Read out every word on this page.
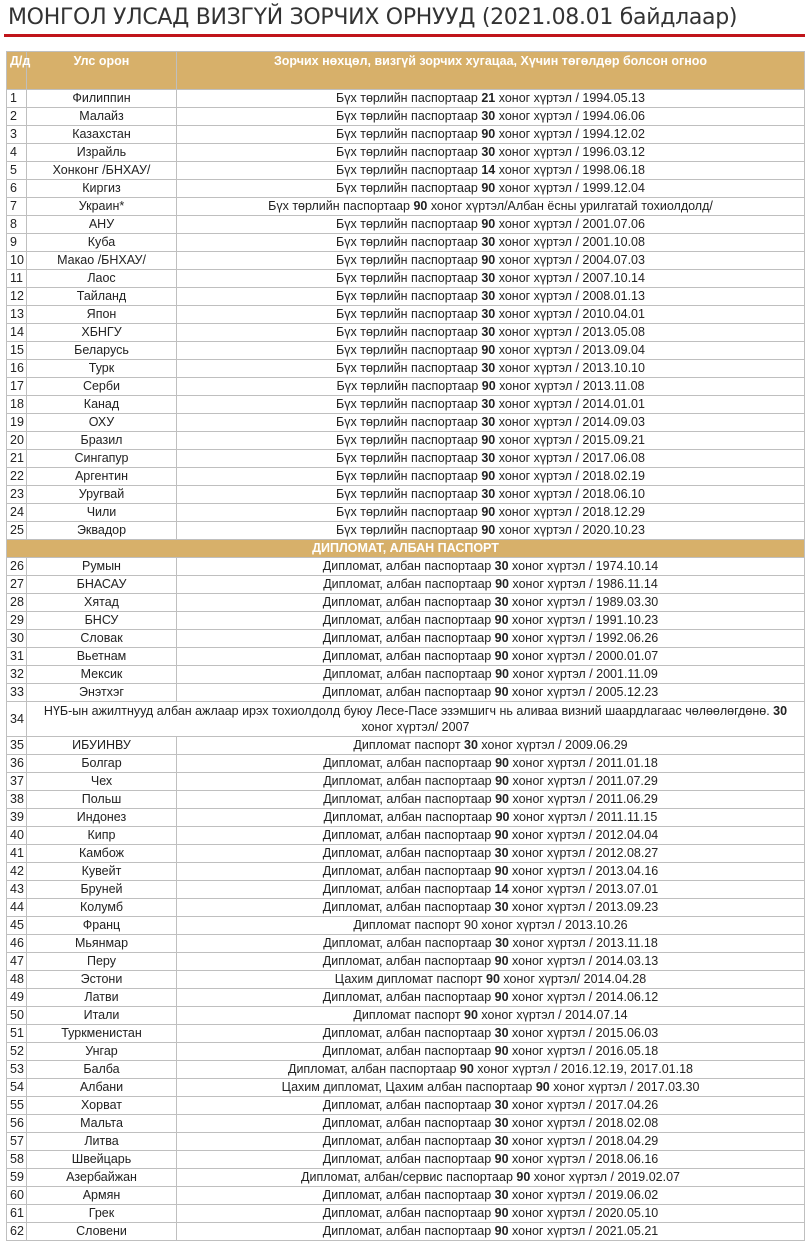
МОНГОЛ УЛСАД ВИЗГҮЙ ЗОРЧИХ ОРНУУД (2021.08.01 байдлаар)
Д/д	Улс орон	Зорчих нөхцөл, визгүй зорчих хугацаа, Хүчин төгөлдөр болсон огноо
1	Филиппин	Бүх төрлийн паспортаар 21 хоног хүртэл / 1994.05.13
2	Малайз	Бүх төрлийн паспортаар 30 хоног хүртэл / 1994.06.06
3	Казахстан	Бүх төрлийн паспортаар 90 хоног хүртэл / 1994.12.02
4	Израйль	Бүх төрлийн паспортаар 30 хоног хүртэл / 1996.03.12
5	Хонконг /БНХАУ/	Бүх төрлийн паспортаар 14 хоног хүртэл / 1998.06.18
6	Киргиз	Бүх төрлийн паспортаар 90 хоног хүртэл / 1999.12.04
7	Украин*	Бүх төрлийн паспортаар 90 хоног хүртэл/Албан ёсны урилгатай тохиолдолд/
8	АНУ	Бүх төрлийн паспортаар 90 хоног хүртэл / 2001.07.06
9	Куба	Бүх төрлийн паспортаар 30 хоног хүртэл / 2001.10.08
10	Макао /БНХАУ/	Бүх төрлийн паспортаар 90 хоног хүртэл / 2004.07.03
11	Лаос	Бүх төрлийн паспортаар 30 хоног хүртэл / 2007.10.14
12	Тайланд	Бүх төрлийн паспортаар 30 хоног хүртэл / 2008.01.13
13	Япон	Бүх төрлийн паспортаар 30 хоног хүртэл / 2010.04.01
14	ХБНГУ	Бүх төрлийн паспортаар 30 хоног хүртэл / 2013.05.08
15	Беларусь	Бүх төрлийн паспортаар 90 хоног хүртэл / 2013.09.04
16	Турк	Бүх төрлийн паспортаар 30 хоног хүртэл / 2013.10.10
17	Серби	Бүх төрлийн паспортаар 90 хоног хүртэл / 2013.11.08
18	Канад	Бүх төрлийн паспортаар 30 хоног хүртэл / 2014.01.01
19	ОХУ	Бүх төрлийн паспортаар 30 хоног хүртэл / 2014.09.03
20	Бразил	Бүх төрлийн паспортаар 90 хоног хүртэл / 2015.09.21
21	Сингапур	Бүх төрлийн паспортаар 30 хоног хүртэл / 2017.06.08
22	Аргентин	Бүх төрлийн паспортаар 90 хоног хүртэл / 2018.02.19
23	Уругвай	Бүх төрлийн паспортаар 30 хоног хүртэл / 2018.06.10
24	Чили	Бүх төрлийн паспортаар 90 хоног хүртэл / 2018.12.29
25	Эквадор	Бүх төрлийн паспортаар 90 хоног хүртэл / 2020.10.23
ДИПЛОМАТ, АЛБАН ПАСПОРТ		
26	Румын	Дипломат, албан паспортаар 30 хоног хүртэл / 1974.10.14
27	БНАСАУ	Дипломат, албан паспортаар 90 хоног хүртэл / 1986.11.14
28	Хятад	Дипломат, албан паспортаар 30 хоног хүртэл / 1989.03.30
29	БНСУ	Дипломат, албан паспортаар 90 хоног хүртэл / 1991.10.23
30	Словак	Дипломат, албан паспортаар 90 хоног хүртэл / 1992.06.26
31	Вьетнам	Дипломат, албан паспортаар 90 хоног хүртэл / 2000.01.07
32	Мексик	Дипломат, албан паспортаар 90 хоног хүртэл / 2001.11.09
33	Энэтхэг	Дипломат, албан паспортаар 90 хоног хүртэл / 2005.12.23
34	НҮБ-ын ажилтнууд албан ажлаар ирэх тохиолдолд буюу Лесе-Пасе эзэмшигч нь аливаа визний шаардлагаас чөлөөлөгдөнө. 30 хоног хүртэл/ 2007	
35	ИБУИНВУ	Дипломат паспорт 30 хоног хүртэл / 2009.06.29
36	Болгар	Дипломат, албан паспортаар 90 хоног хүртэл / 2011.01.18
37	Чех	Дипломат, албан паспортаар 90 хоног хүртэл / 2011.07.29
38	Польш	Дипломат, албан паспортаар 90 хоног хүртэл / 2011.06.29
39	Индонез	Дипломат, албан паспортаар 90 хоног хүртэл / 2011.11.15
40	Кипр	Дипломат, албан паспортаар 90 хоног хүртэл / 2012.04.04
41	Камбож	Дипломат, албан паспортаар 30 хоног хүртэл / 2012.08.27
42	Кувейт	Дипломат, албан паспортаар 90 хоног хүртэл / 2013.04.16
43	Бруней	Дипломат, албан паспортаар 14 хоног хүртэл / 2013.07.01
44	Колумб	Дипломат, албан паспортаар 30 хоног хүртэл / 2013.09.23
45	Франц	Дипломат паспорт 90 хоног хүртэл / 2013.10.26
46	Мьянмар	Дипломат, албан паспортаар 30 хоног хүртэл / 2013.11.18
47	Перу	Дипломат, албан паспортаар 90 хоног хүртэл / 2014.03.13
48	Эстони	Цахим дипломат паспорт 90 хоног хүртэл/ 2014.04.28
49	Латви	Дипломат, албан паспортаар 90 хоног хүртэл / 2014.06.12
50	Итали	Дипломат паспорт 90 хоног хүртэл / 2014.07.14
51	Туркменистан	Дипломат, албан паспортаар 30 хоног хүртэл / 2015.06.03
52	Унгар	Дипломат, албан паспортаар 90 хоног хүртэл / 2016.05.18
53	Балба	Дипломат, албан паспортаар 90 хоног хүртэл / 2016.12.19, 2017.01.18
54	Албани	Цахим дипломат, Цахим албан паспортаар 90 хоног хүртэл / 2017.03.30
55	Хорват	Дипломат, албан паспортаар 30 хоног хүртэл / 2017.04.26
56	Мальта	Дипломат, албан паспортаар 30 хоног хүртэл / 2018.02.08
57	Литва	Дипломат, албан паспортаар 30 хоног хүртэл / 2018.04.29
58	Швейцарь	Дипломат, албан паспортаар 90 хоног хүртэл / 2018.06.16
59	Азербайжан	Дипломат, албан/сервис паспортаар 90 хоног хүртэл / 2019.02.07
60	Армян	Дипломат, албан паспортаар 30 хоног хүртэл / 2019.06.02
61	Грек	Дипломат, албан паспортаар 90 хоног хүртэл / 2020.05.10
62	Словени	Дипломат, албан паспортаар 90 хоног хүртэл / 2021.05.21
